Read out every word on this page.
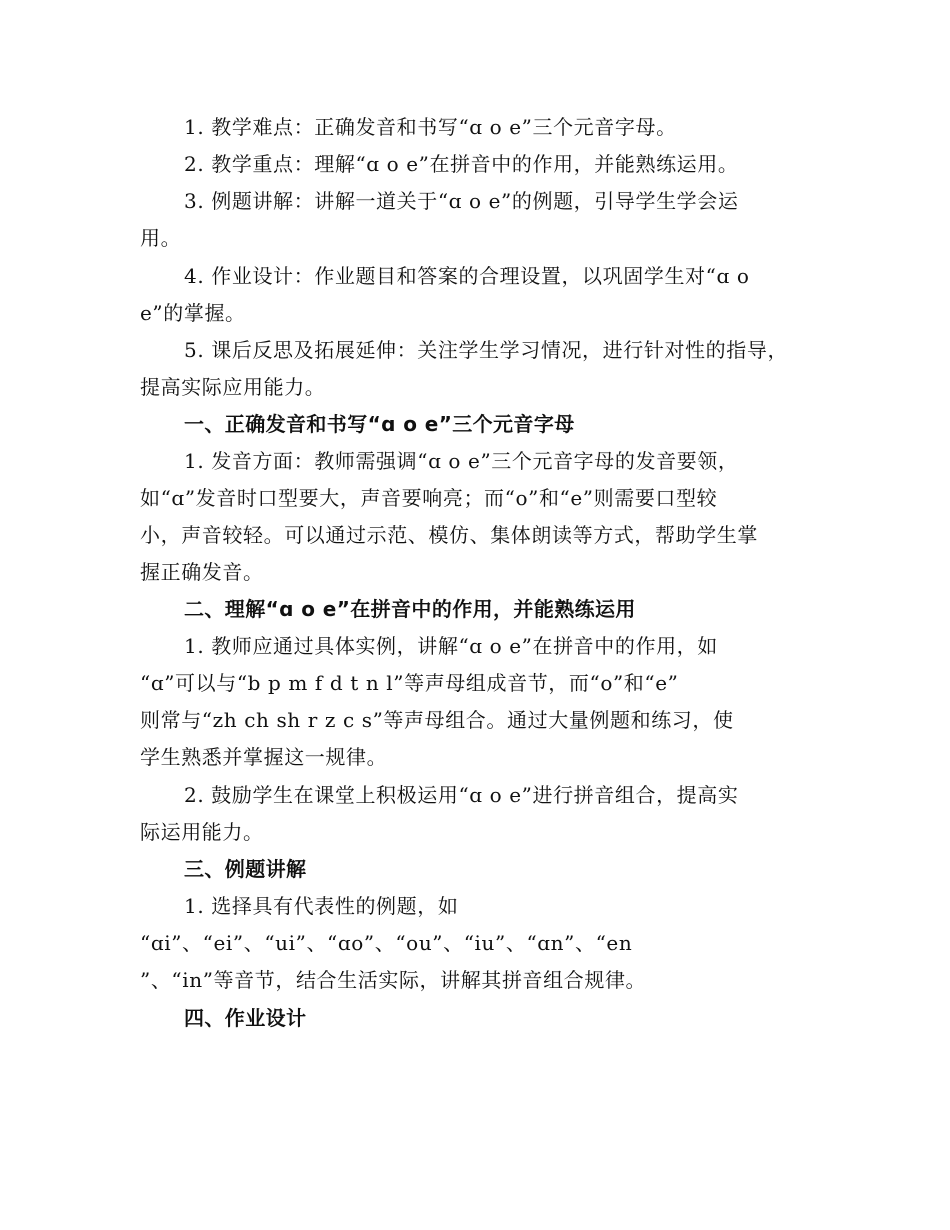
1. 教学难点：正确发音和书写“ɑ o e”三个元音字母。
2. 教学重点：理解“ɑ o e”在拼音中的作用，并能熟练运用。
3. 例题讲解：讲解一道关于“ɑ o e”的例题，引导学生学会运
用。
4. 作业设计：作业题目和答案的合理设置，以巩固学生对“ɑ o
e”的掌握。
5. 课后反思及拓展延伸：关注学生学习情况，进行针对性的指导，
提高实际应用能力。
一、正确发音和书写“ɑ o e”三个元音字母
1. 发音方面：教师需强调“ɑ o e”三个元音字母的发音要领，
如“ɑ”发音时口型要大，声音要响亮；而“o”和“e”则需要口型较
小，声音较轻。可以通过示范、模仿、集体朗读等方式，帮助学生掌
握正确发音。
二、理解“ɑ o e”在拼音中的作用，并能熟练运用
1. 教师应通过具体实例，讲解“ɑ o e”在拼音中的作用，如
“ɑ”可以与“b p m f d t n l”等声母组成音节，而“o”和“e”
则常与“zh ch sh r z c s”等声母组合。通过大量例题和练习，使
学生熟悉并掌握这一规律。
2. 鼓励学生在课堂上积极运用“ɑ o e”进行拼音组合，提高实
际运用能力。
三、例题讲解
1. 选择具有代表性的例题，如
“ɑi”、“ei”、“ui”、“ɑo”、“ou”、“iu”、“ɑn”、“en
”、“in”等音节，结合生活实际，讲解其拼音组合规律。
四、作业设计
